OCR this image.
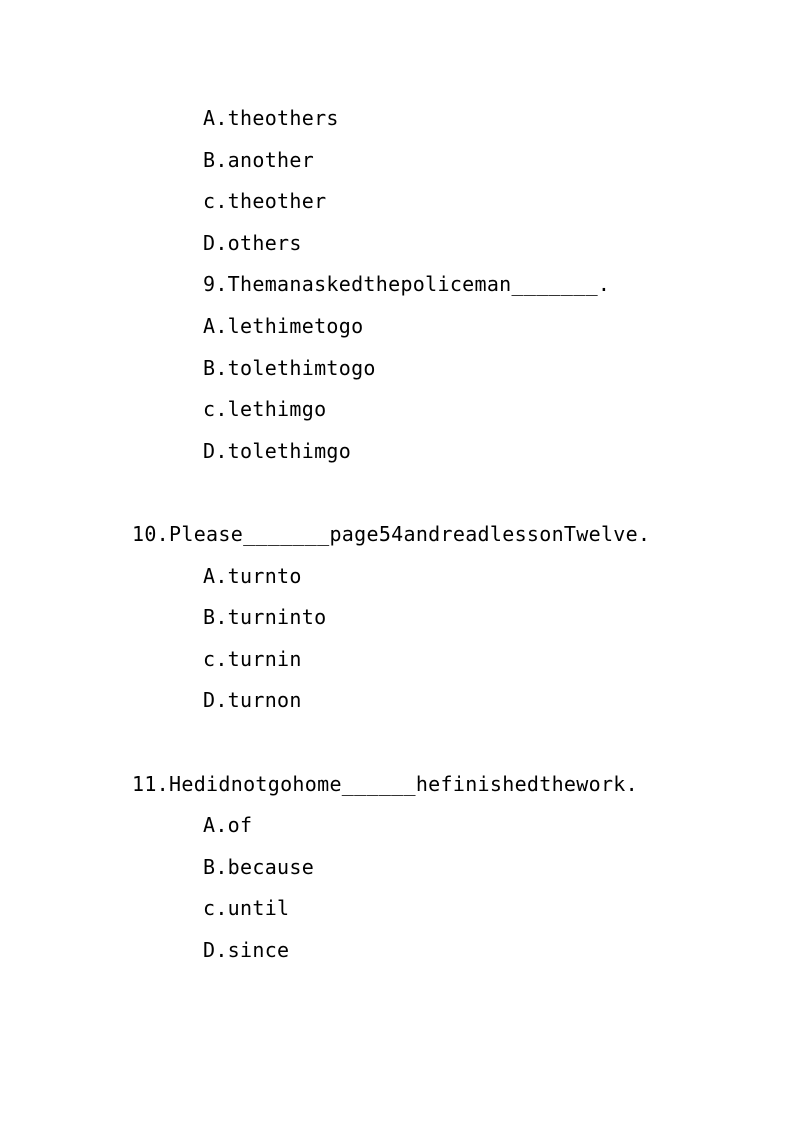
A.theothers
B.another
c.theother
D.others
9.Themanaskedthepoliceman_______.
A.lethimetogo
B.tolethimtogo
c.lethimgo
D.tolethimgo
10.Please_______page54andreadlessonTwelve.
A.turnto
B.turninto
c.turnin
D.turnon
11.Hedidnotgohome______hefinishedthework.
A.of
B.because
c.until
D.since
